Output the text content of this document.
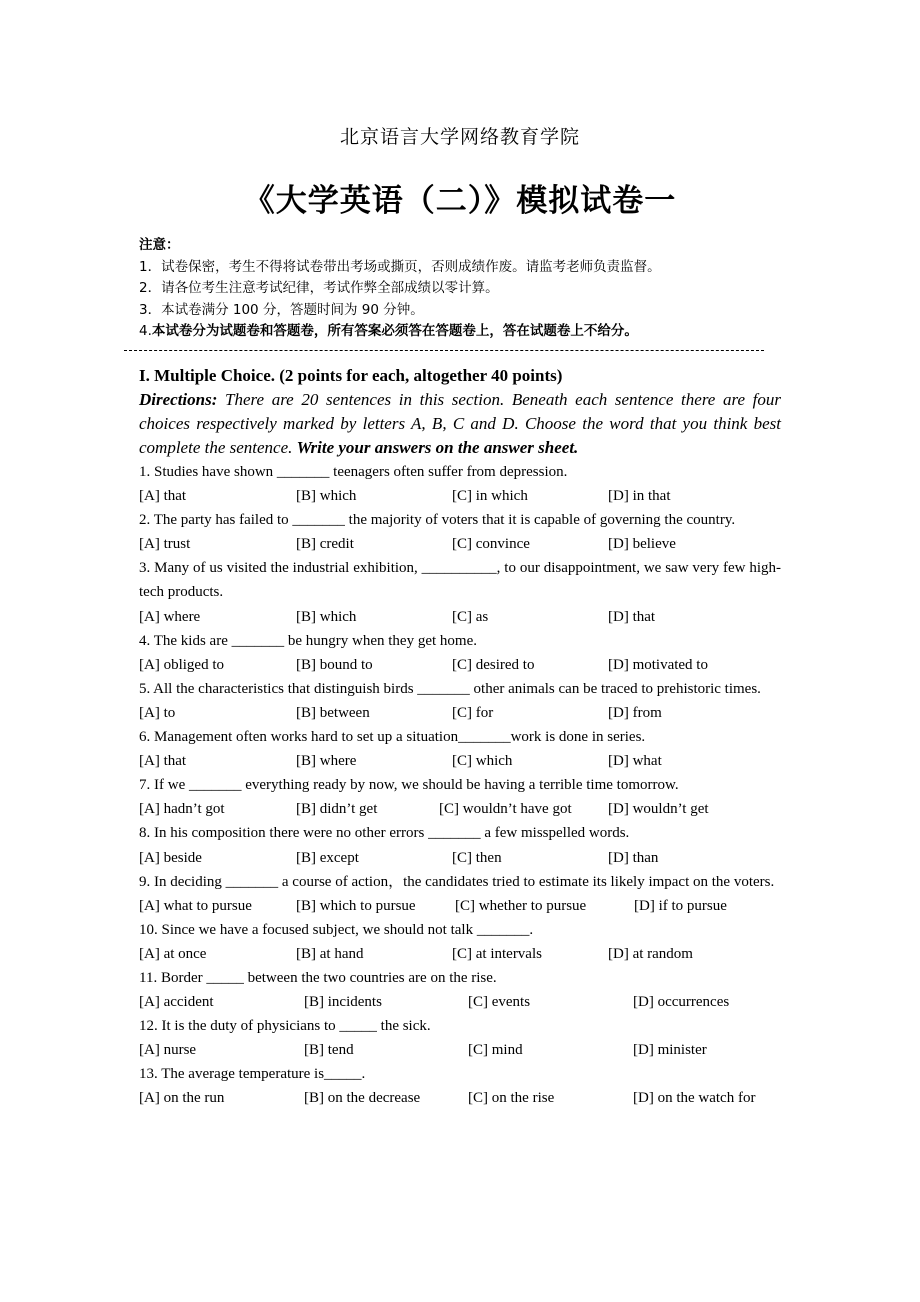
北京语言大学网络教育学院
《大学英语（二）》模拟试卷一
注意：
1．试卷保密，考生不得将试卷带出考场或撕页，否则成绩作废。请监考老师负责监督。
2．请各位考生注意考试纪律，考试作弊全部成绩以零计算。
3．本试卷满分 100 分，答题时间为 90 分钟。
4.本试卷分为试题卷和答题卷，所有答案必须答在答题卷上，答在试题卷上不给分。
I. Multiple Choice. (2 points for each, altogether 40 points)
Directions: There are 20 sentences in this section. Beneath each sentence there are four choices respectively marked by letters A, B, C and D. Choose the word that you think best complete the sentence. Write your answers on the answer sheet.
1. Studies have shown _______ teenagers often suffer from depression.
[A] that	[B] which	[C] in which	[D] in that
2. The party has failed to _______ the majority of voters that it is capable of governing the country.
[A] trust	[B] credit	[C] convince	[D] believe
3. Many of us visited the industrial exhibition, __________, to our disappointment, we saw very few high-tech products.
[A] where	[B] which	[C] as	[D] that
4. The kids are _______ be hungry when they get home.
[A] obliged to	[B] bound to	[C] desired to	[D] motivated to
5. All the characteristics that distinguish birds _______ other animals can be traced to prehistoric times.
[A] to	[B] between	[C] for	[D] from
6. Management often works hard to set up a situation_______work is done in series.
[A] that	[B] where	[C] which	[D] what
7. If we _______ everything ready by now, we should be having a terrible time tomorrow.
[A] hadn’t got	[B] didn’t get	[C] wouldn’t have got [D] wouldn’t get
8. In his composition there were no other errors _______ a few misspelled words.
[A] beside	[B] except	[C] then	[D] than
9. In deciding _______ a course of action，the candidates tried to estimate its likely impact on the voters.
[A] what to pursue	[B] which to pursue	[C] whether to pursue	[D] if to pursue
10. Since we have a focused subject, we should not talk _______.
[A] at once	[B] at hand	[C] at intervals	[D] at random
11. Border _____ between the two countries are on the rise.
[A] accident	[B] incidents	[C] events	[D] occurrences
12. It is the duty of physicians to _____ the sick.
[A] nurse	[B] tend	[C] mind	[D] minister
13. The average temperature is_____.
[A] on the run	[B] on the decrease	[C] on the rise	[D] on the watch for
